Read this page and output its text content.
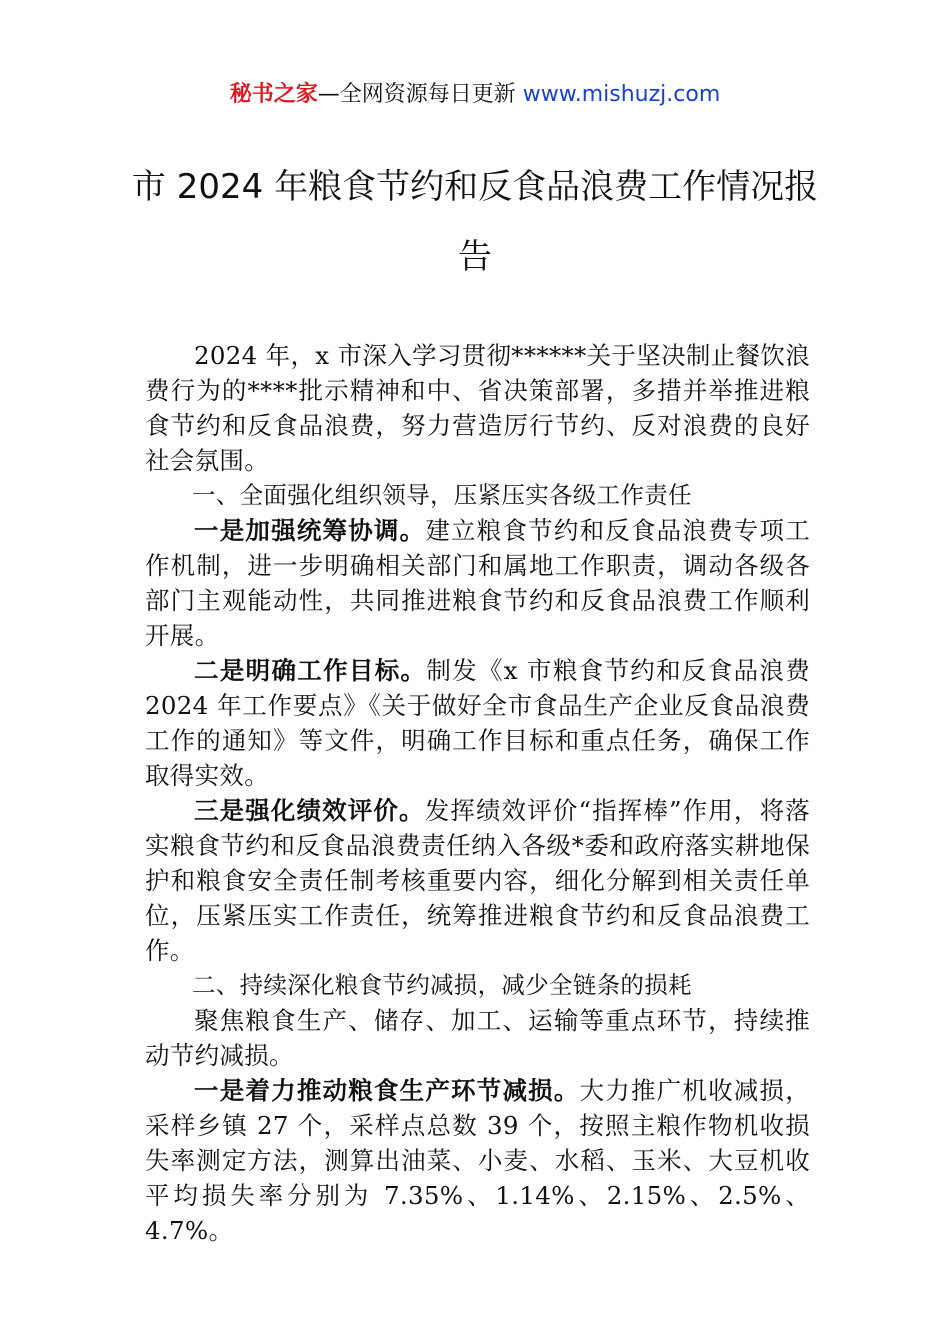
秘书之家—全网资源每日更新 www.mishuzj.com
市 2024 年粮食节约和反食品浪费工作情况报告

2024 年，x 市深入学习贯彻******关于坚决制止餐饮浪费行为的****批示精神和中、省决策部署，多措并举推进粮食节约和反食品浪费，努力营造厉行节约、反对浪费的良好社会氛围。

一、全面强化组织领导，压紧压实各级工作责任

一是加强统筹协调。建立粮食节约和反食品浪费专项工作机制，进一步明确相关部门和属地工作职责，调动各级各部门主观能动性，共同推进粮食节约和反食品浪费工作顺利开展。

二是明确工作目标。制发《x 市粮食节约和反食品浪费 2024 年工作要点》《关于做好全市食品生产企业反食品浪费工作的通知》等文件，明确工作目标和重点任务，确保工作取得实效。

三是强化绩效评价。发挥绩效评价“指挥棒”作用，将落实粮食节约和反食品浪费责任纳入各级*委和政府落实耕地保护和粮食安全责任制考核重要内容，细化分解到相关责任单位，压紧压实工作责任，统筹推进粮食节约和反食品浪费工作。

二、持续深化粮食节约减损，减少全链条的损耗

聚焦粮食生产、储存、加工、运输等重点环节，持续推动节约减损。

一是着力推动粮食生产环节减损。大力推广机收减损，采样乡镇 27 个，采样点总数 39 个，按照主粮作物机收损失率测定方法，测算出油菜、小麦、水稻、玉米、大豆机收平均损失率分别为 7.35%、1.14%、2.15%、2.5%、4.7%。
